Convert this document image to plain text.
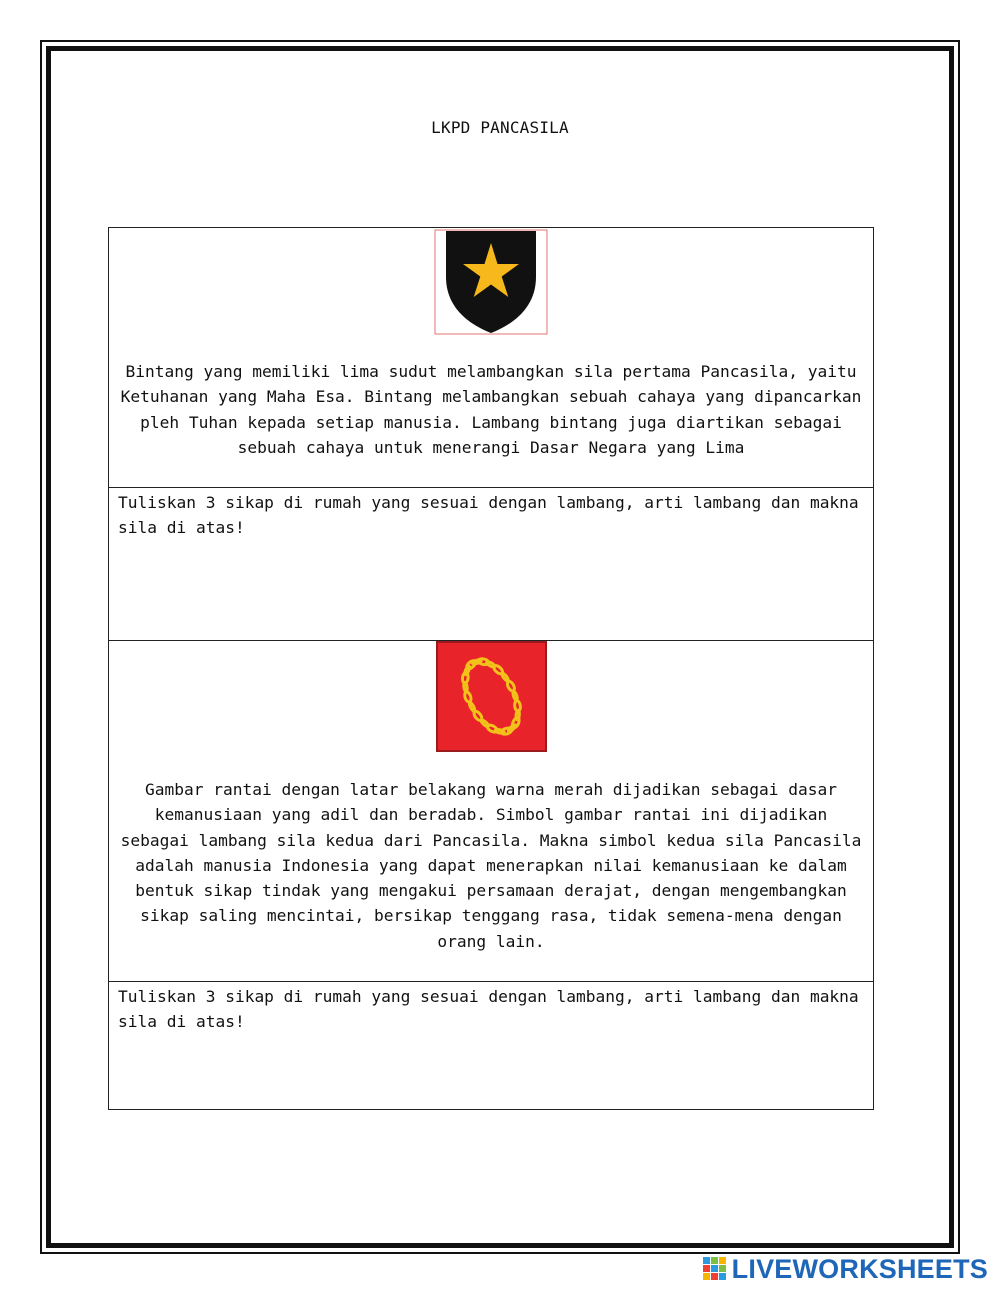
LKPD PANCASILA
Bintang yang memiliki lima sudut melambangkan sila pertama Pancasila, yaitu Ketuhanan yang Maha Esa. Bintang melambangkan sebuah cahaya yang dipancarkan pleh Tuhan kepada setiap manusia. Lambang bintang juga diartikan sebagai sebuah cahaya untuk menerangi Dasar Negara yang Lima
Tuliskan 3 sikap di rumah yang sesuai dengan lambang, arti lambang dan makna sila di atas!
Gambar rantai dengan latar belakang warna merah dijadikan sebagai dasar kemanusiaan yang adil dan beradab. Simbol gambar rantai ini dijadikan sebagai lambang sila kedua dari Pancasila. Makna simbol kedua sila Pancasila adalah manusia Indonesia yang dapat menerapkan nilai kemanusiaan ke dalam bentuk sikap tindak yang mengakui persamaan derajat, dengan mengembangkan sikap saling mencintai, bersikap tenggang rasa, tidak semena-mena dengan orang lain.
Tuliskan 3 sikap di rumah yang sesuai dengan lambang, arti lambang dan makna sila di atas!
LIVEWORKSHEETS
